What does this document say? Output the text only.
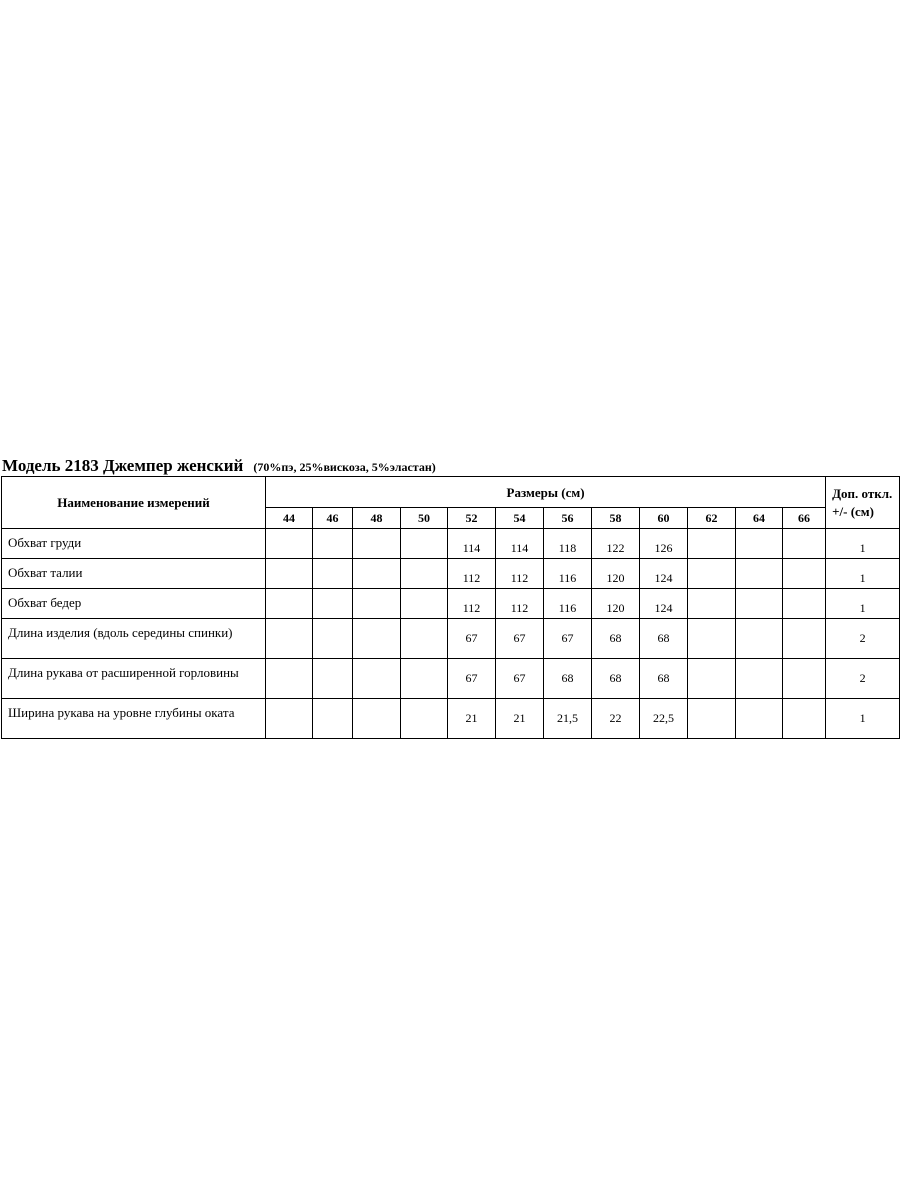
Модель 2183 Джемпер женский (70%пэ, 25%вискоза, 5%эластан)
Наименование измерений	Размеры (см)												Доп. откл. +/- (см)
	44	46	48	50	52	54	56	58	60	62	64	66	
Обхват груди					114	114	118	122	126				1
Обхват талии					112	112	116	120	124				1
Обхват бедер					112	112	116	120	124				1
Длина изделия (вдоль середины спинки)					67	67	67	68	68				2
Длина рукава от расширенной горловины					67	67	68	68	68				2
Ширина рукава на уровне глубины оката					21	21	21,5	22	22,5				1
